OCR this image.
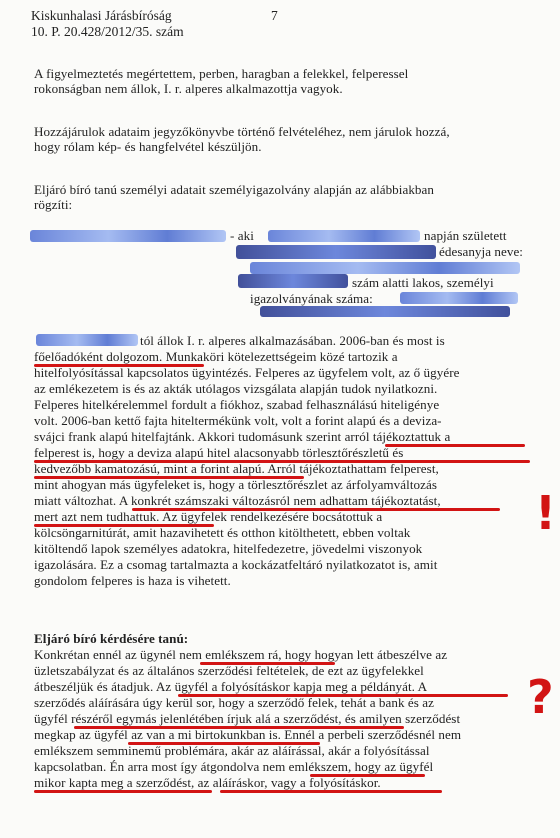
Kiskunhalasi Járásbíróság	7
10. P. 20.428/2012/35. szám
A figyelmeztetés megértettem, perben, haragban a felekkel, felperessel
rokonságban nem állok, I. r. alperes alkalmazottja vagyok.
Hozzájárulok adataim jegyzőkönyvbe történő felvételéhez, nem járulok hozzá,
hogy rólam kép- és hangfelvétel készüljön.
Eljáró bíró tanú személyi adatait személyigazolvány alapján az alábbiakban
rögzíti:
- aki	napján született
édesanyja neve:
szám alatti lakos, személyi
igazolványának száma:
tól állok I. r. alperes alkalmazásában. 2006-ban és most is
főelőadóként dolgozom. Munkaköri kötelezettségeim közé tartozik a
hitelfolyósítással kapcsolatos ügyintézés. Felperes az ügyfelem volt, az ő ügyére
az emlékezetem is és az akták utólagos vizsgálata alapján tudok nyilatkozni.
Felperes hitelkérelemmel fordult a fiókhoz, szabad felhasználású hiteligénye
volt. 2006-ban kettő fajta hiteltermékünk volt, volt a forint alapú és a deviza-
svájci frank alapú hitelfajtánk. Akkori tudomásunk szerint arról tájékoztattuk a
felperest is, hogy a deviza alapú hitel alacsonyabb törlesztőrészletű és
kedvezőbb kamatozású, mint a forint alapú. Arról tájékoztathattam felperest,
mint ahogyan más ügyfeleket is, hogy a törlesztőrészlet az árfolyamváltozás
miatt változhat. A konkrét számszaki változásról nem adhattam tájékoztatást,
mert azt nem tudhattuk. Az ügyfelek rendelkezésére bocsátottuk a
kölcsöngarnitúrát, amit hazavihetett és otthon kitölthetett, ebben voltak
kitöltendő lapok személyes adatokra, hitelfedezetre, jövedelmi viszonyok
igazolására. Ez a csomag tartalmazta a kockázatfeltáró nyilatkozatot is, amit
gondolom felperes is haza is vihetett.
Eljáró bíró kérdésére tanú:
Konkrétan ennél az ügynél nem emlékszem rá, hogy hogyan lett átbeszélve az
üzletszabályzat és az általános szerződési feltételek, de ezt az ügyfelekkel
átbeszéljük és átadjuk. Az ügyfél a folyósításkor kapja meg a példányát. A
szerződés aláírására úgy kerül sor, hogy a szerződő felek, tehát a bank és az
ügyfél részéről egymás jelenlétében írjuk alá a szerződést, és amilyen szerződést
megkap az ügyfél az van a mi birtokunkban is. Ennél a perbeli szerződésnél nem
emlékszem semminemű problémára, akár az aláírással, akár a folyósítással
kapcsolatban. Én arra most így átgondolva nem emlékszem, hogy az ügyfél
mikor kapta meg a szerződést, az aláíráskor, vagy a folyósításkor.
!
?
